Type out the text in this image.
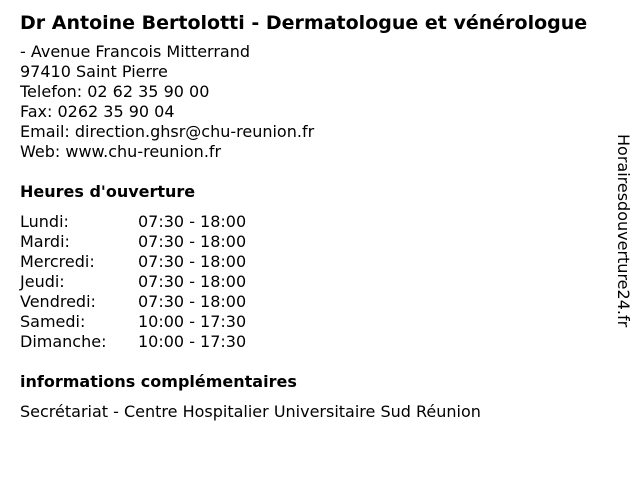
Dr Antoine Bertolotti - Dermatologue et vénérologue
- Avenue Francois Mitterrand
97410 Saint Pierre
Telefon: 02 62 35 90 00
Fax: 0262 35 90 04
Email: direction.ghsr@chu-reunion.fr
Web: www.chu-reunion.fr
Heures d'ouverture
Lundi:	07:30 - 18:00
Mardi:	07:30 - 18:00
Mercredi:	07:30 - 18:00
Jeudi:	07:30 - 18:00
Vendredi:	07:30 - 18:00
Samedi:	10:00 - 17:30
Dimanche:	10:00 - 17:30
informations complémentaires
Secrétariat - Centre Hospitalier Universitaire Sud Réunion
Horairesdouverture24.fr
